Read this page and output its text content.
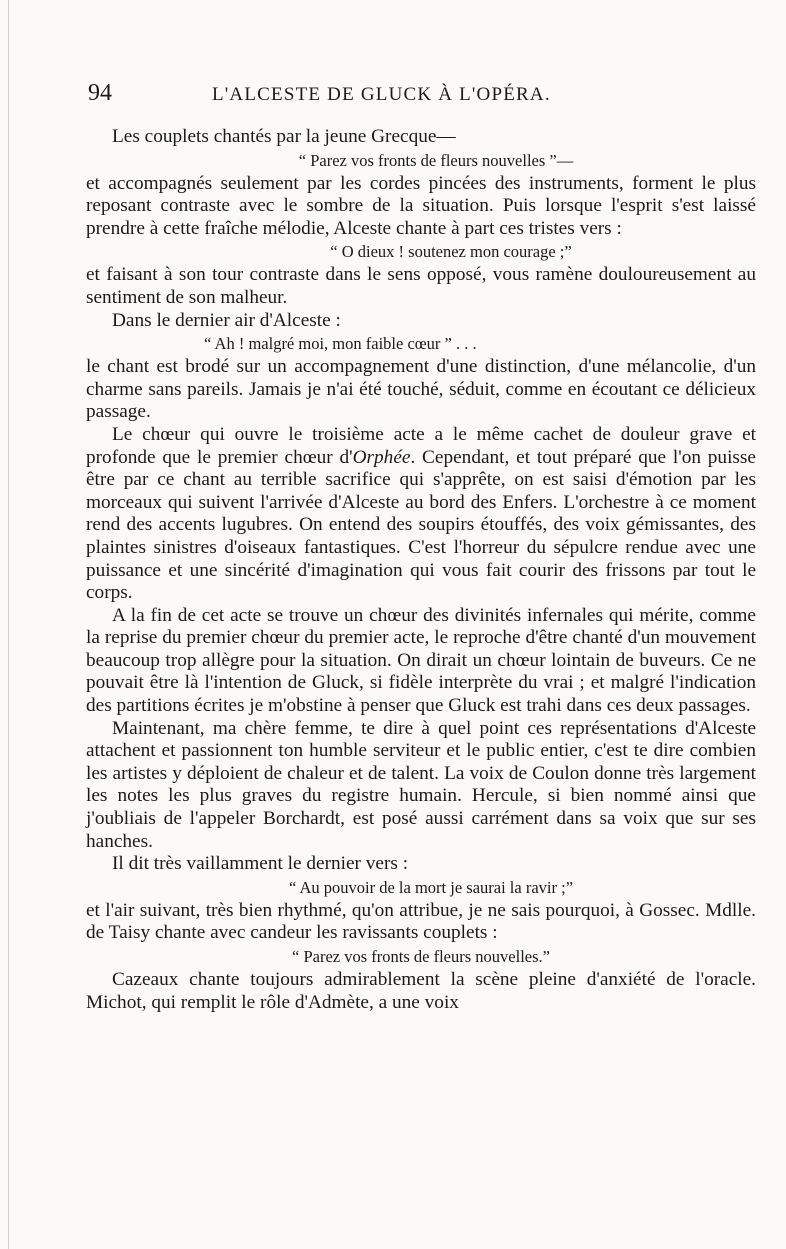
94	L'ALCESTE DE GLUCK À L'OPÉRA.

Les couplets chantés par la jeune Grecque—

“ Parez vos fronts de fleurs nouvelles ”—

et accompagnés seulement par les cordes pincées des instruments, forment le plus reposant contraste avec le sombre de la situation. Puis lorsque l'esprit s'est laissé prendre à cette fraîche mélodie, Alceste chante à part ces tristes vers :

“ O dieux ! soutenez mon courage ;”

et faisant à son tour contraste dans le sens opposé, vous ramène douloureusement au sentiment de son malheur.

Dans le dernier air d'Alceste :

“ Ah ! malgré moi, mon faible cœur ” . . .

le chant est brodé sur un accompagnement d'une distinction, d'une mélancolie, d'un charme sans pareils. Jamais je n'ai été touché, séduit, comme en écoutant ce délicieux passage.

Le chœur qui ouvre le troisième acte a le même cachet de douleur grave et profonde que le premier chœur d'Orphée. Cependant, et tout préparé que l'on puisse être par ce chant au terrible sacrifice qui s'apprête, on est saisi d'émotion par les morceaux qui suivent l'arrivée d'Alceste au bord des Enfers. L'orchestre à ce moment rend des accents lugubres. On entend des soupirs étouffés, des voix gémissantes, des plaintes sinistres d'oiseaux fantastiques. C'est l'horreur du sépulcre rendue avec une puissance et une sincérité d'imagination qui vous fait courir des frissons par tout le corps.

A la fin de cet acte se trouve un chœur des divinités infernales qui mérite, comme la reprise du premier chœur du premier acte, le reproche d'être chanté d'un mouvement beaucoup trop allègre pour la situation. On dirait un chœur lointain de buveurs. Ce ne pouvait être là l'intention de Gluck, si fidèle interprète du vrai ; et malgré l'indication des partitions écrites je m'obstine à penser que Gluck est trahi dans ces deux passages.

Maintenant, ma chère femme, te dire à quel point ces représentations d'Alceste attachent et passionnent ton humble serviteur et le public entier, c'est te dire combien les artistes y déploient de chaleur et de talent. La voix de Coulon donne très largement les notes les plus graves du registre humain. Hercule, si bien nommé ainsi que j'oubliais de l'appeler Borchardt, est posé aussi carrément dans sa voix que sur ses hanches.

Il dit très vaillamment le dernier vers :

“ Au pouvoir de la mort je saurai la ravir ;”

et l'air suivant, très bien rhythmé, qu'on attribue, je ne sais pourquoi, à Gossec. Mdlle. de Taisy chante avec candeur les ravissants couplets :

“ Parez vos fronts de fleurs nouvelles.”

Cazeaux chante toujours admirablement la scène pleine d'anxiété de l'oracle. Michot, qui remplit le rôle d'Admète, a une voix
